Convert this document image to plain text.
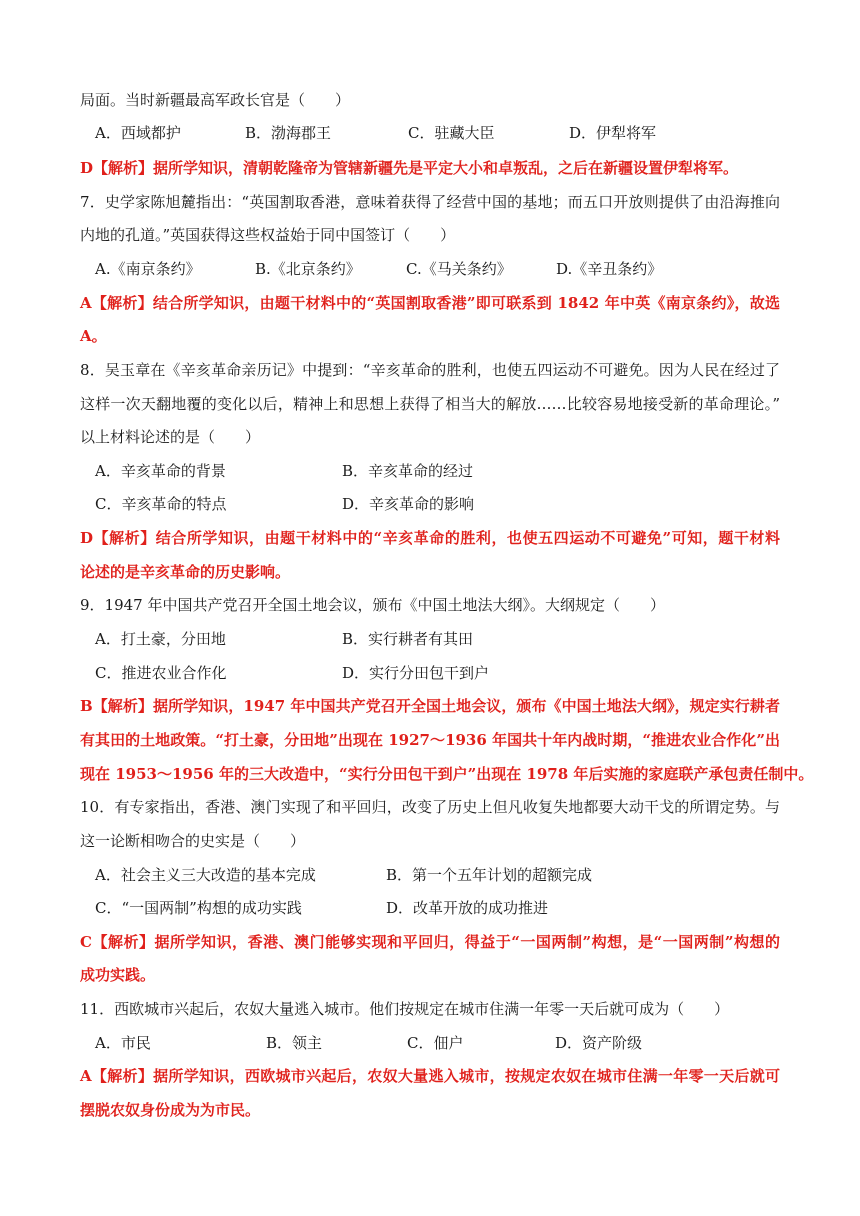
局面。当时新疆最高军政长官是（　　）
A．西域都护	B．渤海郡王	C．驻藏大臣	D．伊犁将军
D【解析】据所学知识，清朝乾隆帝为管辖新疆先是平定大小和卓叛乱，之后在新疆设置伊犁将军。
7．史学家陈旭麓指出：“英国割取香港，意味着获得了经营中国的基地；而五口开放则提供了由沿海推向
内地的孔道。”英国获得这些权益始于同中国签订（　　）
A.《南京条约》	B.《北京条约》	C.《马关条约》	D.《辛丑条约》
A【解析】结合所学知识，由题干材料中的“英国割取香港”即可联系到 1842 年中英《南京条约》，故选
A。
8．吴玉章在《辛亥革命亲历记》中提到：“辛亥革命的胜利，也使五四运动不可避免。因为人民在经过了
这样一次天翻地覆的变化以后，精神上和思想上获得了相当大的解放……比较容易地接受新的革命理论。”
以上材料论述的是（　　）
A．辛亥革命的背景	B．辛亥革命的经过
C．辛亥革命的特点	D．辛亥革命的影响
D【解析】结合所学知识，由题干材料中的“辛亥革命的胜利，也使五四运动不可避免”可知，题干材料
论述的是辛亥革命的历史影响。
9．1947 年中国共产党召开全国土地会议，颁布《中国土地法大纲》。大纲规定（　　）
A．打土豪，分田地	B．实行耕者有其田
C．推进农业合作化	D．实行分田包干到户
B【解析】据所学知识，1947 年中国共产党召开全国土地会议，颁布《中国土地法大纲》，规定实行耕者
有其田的土地政策。“打土豪，分田地”出现在 1927～1936 年国共十年内战时期，“推进农业合作化”出
现在 1953～1956 年的三大改造中，“实行分田包干到户”出现在 1978 年后实施的家庭联产承包责任制中。
10．有专家指出，香港、澳门实现了和平回归，改变了历史上但凡收复失地都要大动干戈的所谓定势。与
这一论断相吻合的史实是（　　）
A．社会主义三大改造的基本完成	B．第一个五年计划的超额完成
C．“一国两制”构想的成功实践	D．改革开放的成功推进
C【解析】据所学知识，香港、澳门能够实现和平回归，得益于“一国两制”构想，是“一国两制”构想的
成功实践。
11．西欧城市兴起后，农奴大量逃入城市。他们按规定在城市住满一年零一天后就可成为（　　）
A．市民	B．领主	C．佃户	D．资产阶级
A【解析】据所学知识，西欧城市兴起后，农奴大量逃入城市，按规定农奴在城市住满一年零一天后就可
摆脱农奴身份成为为市民。
